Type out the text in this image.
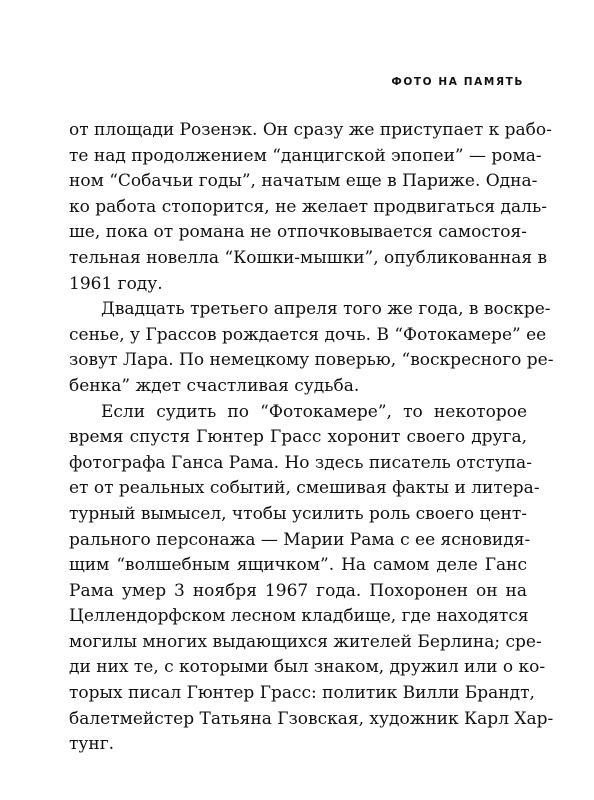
ФОТО НА ПАМЯТЬ
от площади Розенэк. Он сразу же приступает к рабо-
те над продолжением “данцигской эпопеи” — рома-
ном “Собачьи годы”, начатым еще в Париже. Одна-
ко работа стопорится, не желает продвигаться даль-
ше, пока от романа не отпочковывается самостоя-
тельная новелла “Кошки-мышки”, опубликованная в
1961 году.
Двадцать третьего апреля того же года, в воскре-
сенье, у Грассов рождается дочь. В “Фотокамере” ее
зовут Лара. По немецкому поверью, “воскресного ре-
бенка” ждет счастливая судьба.
Если судить по “Фотокамере”, то некоторое
время спустя Гюнтер Грасс хоронит своего друга,
фотографа Ганса Рама. Но здесь писатель отступа-
ет от реальных событий, смешивая факты и литера-
турный вымысел, чтобы усилить роль своего цент-
рального персонажа — Марии Рама с ее ясновидя-
щим “волшебным ящичком”. На самом деле Ганс
Рама умер 3 ноября 1967 года. Похоронен он на
Целлендорфском лесном кладбище, где находятся
могилы многих выдающихся жителей Берлина; сре-
ди них те, с которыми был знаком, дружил или о ко-
торых писал Гюнтер Грасс: политик Вилли Брандт,
балетмейстер Татьяна Гзовская, художник Карл Хар-
тунг.
